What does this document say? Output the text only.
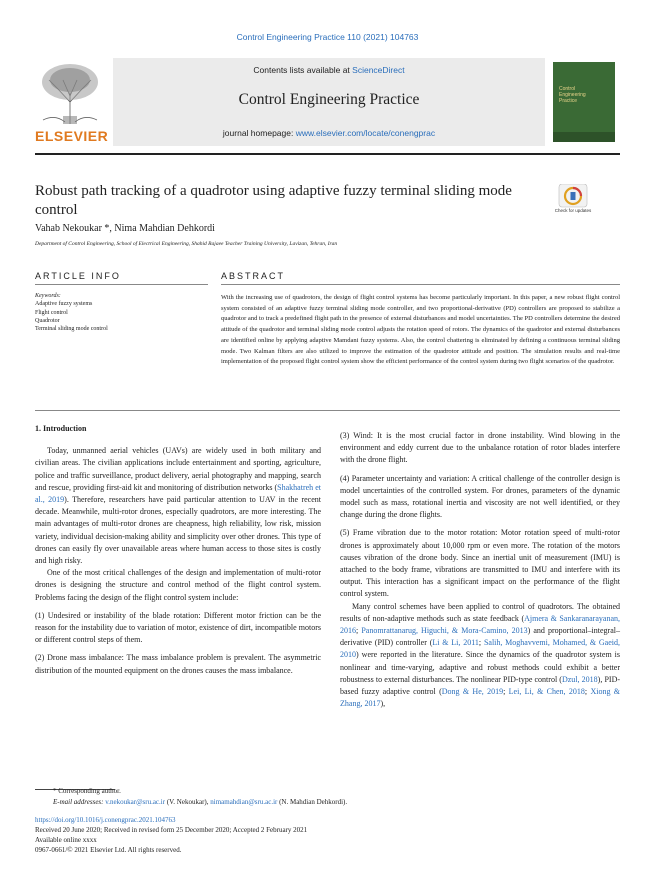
Control Engineering Practice 110 (2021) 104763
ELSEVIER
Contents lists available at ScienceDirect
Control Engineering Practice
journal homepage: www.elsevier.com/locate/conengprac
Control
Engineering
Practice
Robust path tracking of a quadrotor using adaptive fuzzy terminal sliding mode control	Check for updates
Vahab Nekoukar *, Nima Mahdian Dehkordi
Department of Control Engineering, School of Electrical Engineering, Shahid Rajaee Teacher Training University, Lavizan, Tehran, Iran
ARTICLE INFO	ABSTRACT
Keywords:
Adaptive fuzzy systems
Flight control
Quadrotor
Terminal sliding mode control
With the increasing use of quadrotors, the design of flight control systems has become particularly important. In this paper, a new robust flight control system consisted of an adaptive fuzzy terminal sliding mode controller, and two proportional-derivative (PD) controllers are proposed to stabilize a quadrotor and to track a predefined flight path in the presence of external disturbances and model uncertainties. The PD controllers determine the desired attitude of the quadrotor and terminal sliding mode control adjusts the rotation speed of rotors. The dynamics of the quadrotor and external disturbances are identified online by applying adaptive Mamdani fuzzy systems. Also, the control chattering is eliminated by defining a continuous terminal sliding mode. Two Kalman filters are also utilized to improve the estimation of the quadrotor attitude and position. The simulation results and real-time implementation of the proposed flight control system show the efficient performance of the control system during two flight scenarios of the quadrotor.

1. Introduction

Today, unmanned aerial vehicles (UAVs) are widely used in both military and civilian areas. The civilian applications include entertainment and sporting, agriculture, police and traffic surveillance, product delivery, aerial photography and mapping, search and rescue, providing first-aid kit and monitoring of distribution networks (Shakhatreh et al., 2019). Therefore, researchers have paid particular attention to UAV in the recent decade. Meanwhile, multi-rotor drones, especially quadrotors, are more interesting. The main advantages of multi-rotor drones are cheapness, high reliability, low risk, mission variety, individual decision-making ability and simplicity over other drones. This type of drones can easily fly over unavailable areas where human access to those sites is costly and high risky.

One of the most critical challenges of the design and implementation of multi-rotor drones is designing the structure and control method of the flight control system. Problems facing the design of the flight control system include:

(1) Undesired or instability of the blade rotation: Different motor friction can be the reason for the instability due to variation of motor, existence of dirt, incompatible motors or different control steps of them.

(2) Drone mass imbalance: The mass imbalance problem is prevalent. The asymmetric distribution of the mounted equipment on the drones causes the mass imbalance.

(3) Wind: It is the most crucial factor in drone instability. Wind blowing in the environment and eddy current due to the unbalance rotation of rotor blades interfere with the drone flight.

(4) Parameter uncertainty and variation: A critical challenge of the controller design is model uncertainties of the controlled system. For drones, parameters of the dynamic model such as mass, rotational inertia and viscosity are not well identified, or they change during the drone flights.

(5) Frame vibration due to the motor rotation: Motor rotation speed of multi-rotor drones is approximately about 10,000 rpm or even more. The rotation of the motors causes vibration of the drone body. Since an inertial unit of measurement (IMU) is attached to the body frame, vibrations are transmitted to IMU and interfere with its output. This interaction has a significant impact on the performance of the flight control system.

Many control schemes have been applied to control of quadrotors. The obtained results of non-adaptive methods such as state feedback (Ajmera & Sankaranarayanan, 2016; Panomrattanarug, Higuchi, & Mora-Camino, 2013) and proportional–integral–derivative (PID) controller (Li & Li, 2011; Salih, Moghavvemi, Mohamed, & Gaeid, 2010) were reported in the literature. Since the dynamics of the quadrotor system is nonlinear and time-varying, adaptive and robust methods could exhibit a better robustness to external disturbances. The nonlinear PID-type control (Dzul, 2018), PID-based fuzzy adaptive control (Dong & He, 2019; Lei, Li, & Chen, 2018; Xiong & Zhang, 2017),

* Corresponding author.
E-mail addresses: v.nekoukar@sru.ac.ir (V. Nekoukar), nimamahdian@sru.ac.ir (N. Mahdian Dehkordi).
https://doi.org/10.1016/j.conengprac.2021.104763
Received 20 June 2020; Received in revised form 25 December 2020; Accepted 2 February 2021
Available online xxxx
0967-0661/© 2021 Elsevier Ltd. All rights reserved.
